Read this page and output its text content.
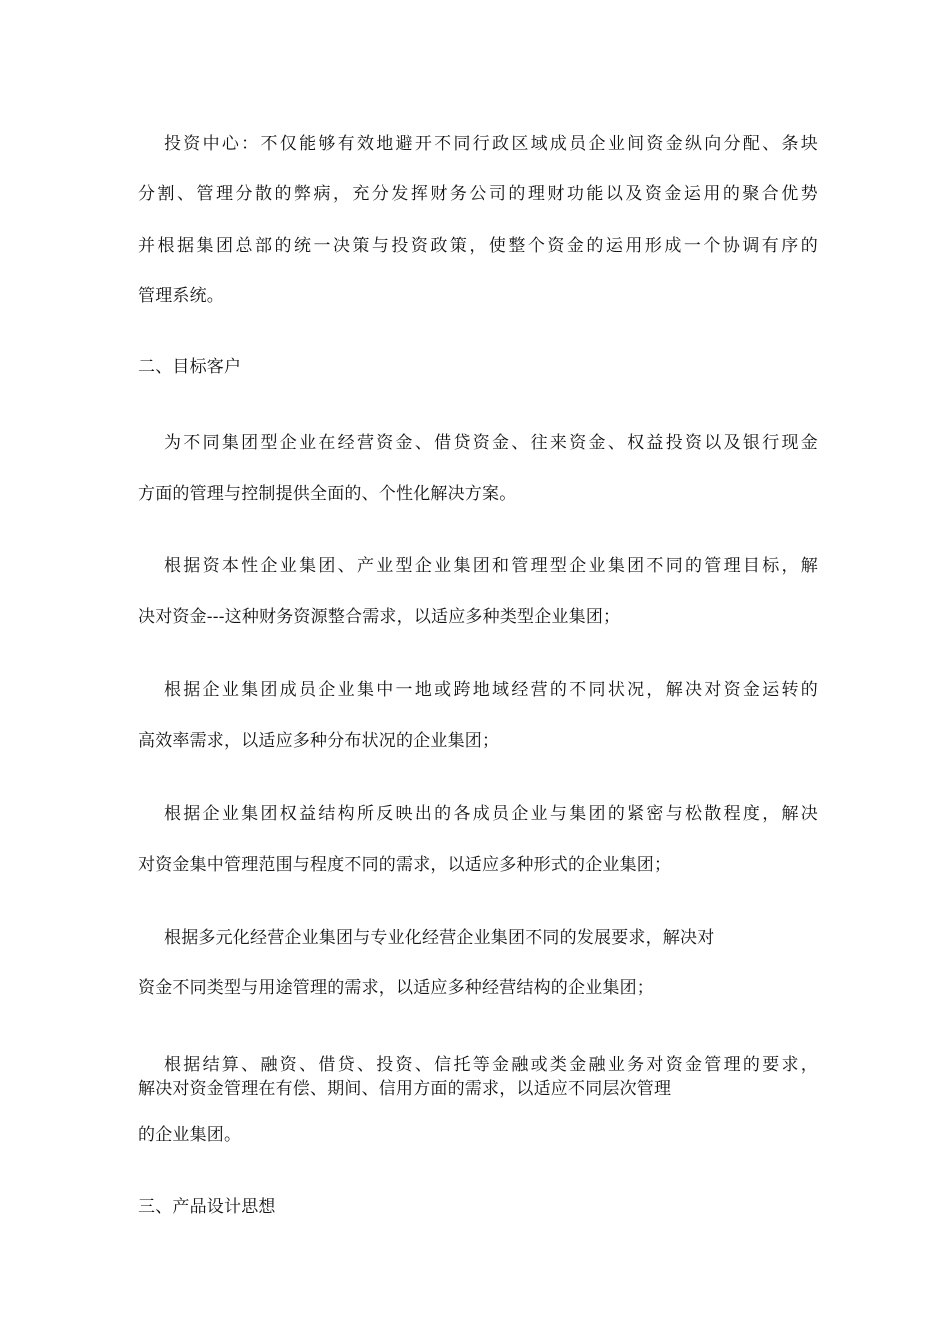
投资中心：不仅能够有效地避开不同行政区域成员企业间资金纵向分配、条块
分割、管理分散的弊病，充分发挥财务公司的理财功能以及资金运用的聚合优势
并根据集团总部的统一决策与投资政策，使整个资金的运用形成一个协调有序的
管理系统。
二、目标客户
为不同集团型企业在经营资金、借贷资金、往来资金、权益投资以及银行现金
方面的管理与控制提供全面的、个性化解决方案。
根据资本性企业集团、产业型企业集团和管理型企业集团不同的管理目标，解
决对资金---这种财务资源整合需求，以适应多种类型企业集团；
根据企业集团成员企业集中一地或跨地域经营的不同状况，解决对资金运转的
高效率需求，以适应多种分布状况的企业集团；
根据企业集团权益结构所反映出的各成员企业与集团的紧密与松散程度，解决
对资金集中管理范围与程度不同的需求，以适应多种形式的企业集团；
根据多元化经营企业集团与专业化经营企业集团不同的发展要求，解决对
资金不同类型与用途管理的需求，以适应多种经营结构的企业集团；
根据结算、融资、借贷、投资、信托等金融或类金融业务对资金管理的要求，
解决对资金管理在有偿、期间、信用方面的需求，以适应不同层次管理
的企业集团。
三、产品设计思想
